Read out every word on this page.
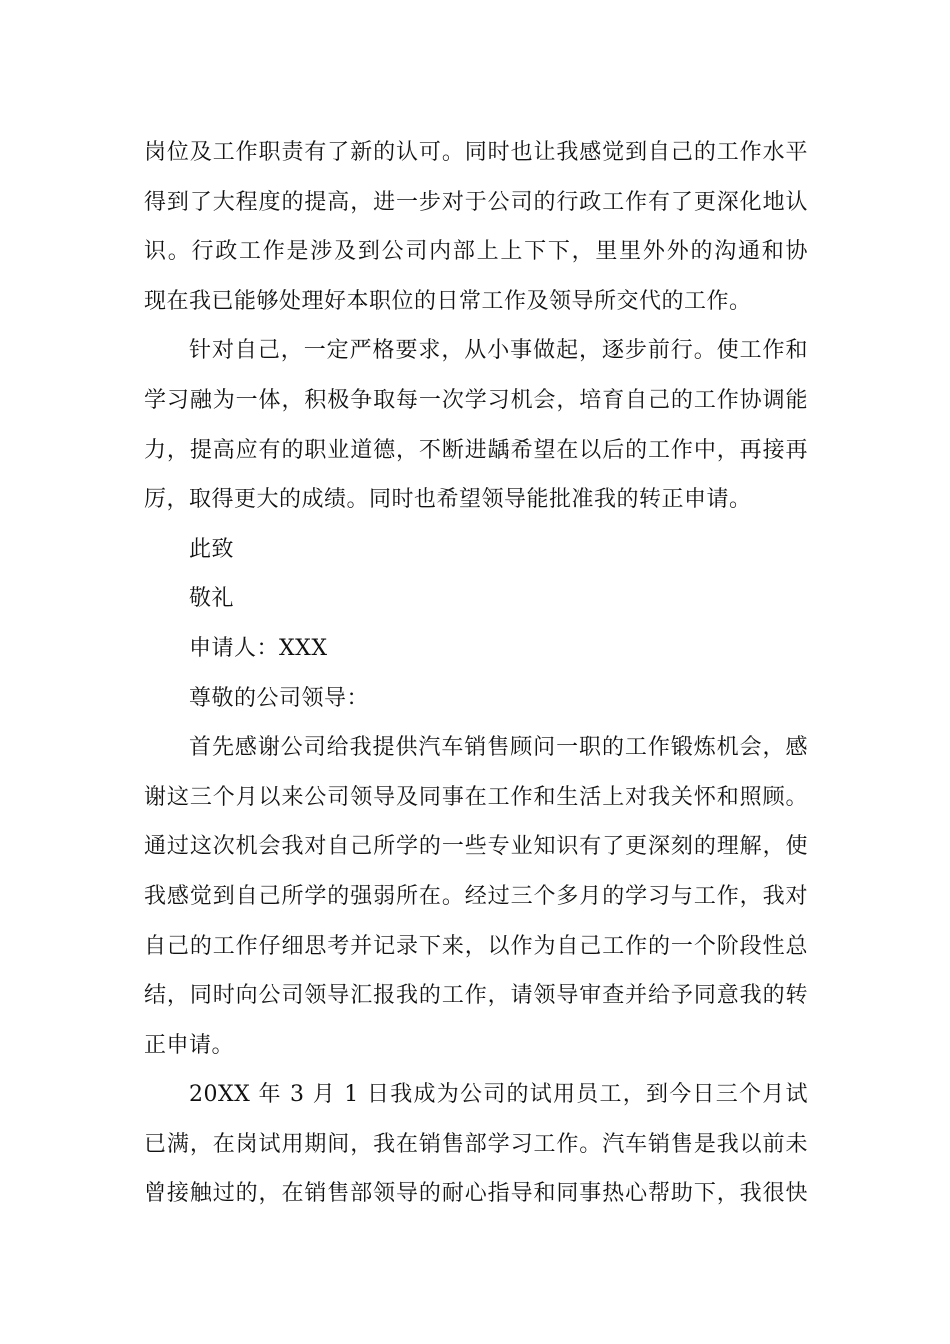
岗位及工作职责有了新的认可。同时也让我感觉到自己的工作水平
得到了大程度的提高，进一步对于公司的行政工作有了更深化地认
识。行政工作是涉及到公司内部上上下下，里里外外的沟通和协
现在我已能够处理好本职位的日常工作及领导所交代的工作。
针对自己，一定严格要求，从小事做起，逐步前行。使工作和
学习融为一体，积极争取每一次学习机会，培育自己的工作协调能
力，提高应有的职业道德，不断进龋希望在以后的工作中，再接再
厉，取得更大的成绩。同时也希望领导能批准我的转正申请。
此致
敬礼
申请人：XXX
尊敬的公司领导：
首先感谢公司给我提供汽车销售顾问一职的工作锻炼机会，感
谢这三个月以来公司领导及同事在工作和生活上对我关怀和照顾。
通过这次机会我对自己所学的一些专业知识有了更深刻的理解，使
我感觉到自己所学的强弱所在。经过三个多月的学习与工作，我对
自己的工作仔细思考并记录下来，以作为自己工作的一个阶段性总
结，同时向公司领导汇报我的工作，请领导审查并给予同意我的转
正申请。
20XX 年 3 月 1 日我成为公司的试用员工，到今日三个月试
已满，在岗试用期间，我在销售部学习工作。汽车销售是我以前未
曾接触过的，在销售部领导的耐心指导和同事热心帮助下，我很快
